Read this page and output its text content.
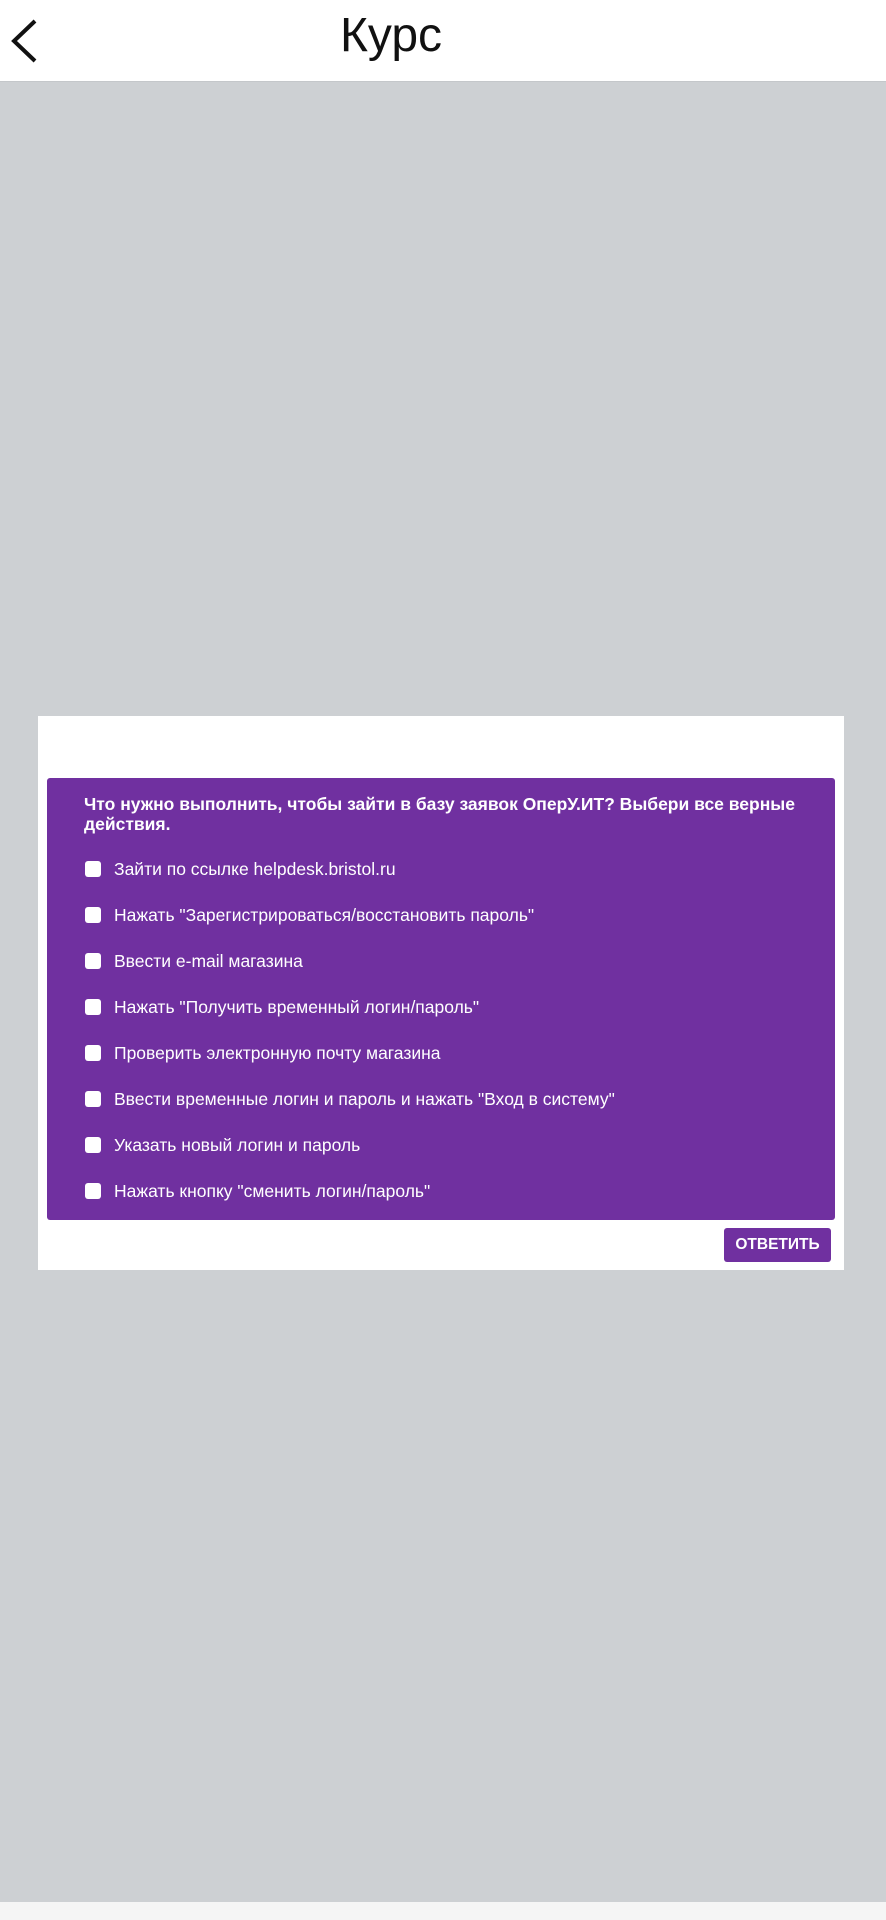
Курс
Что нужно выполнить, чтобы зайти в базу заявок ОперУ.ИТ? Выбери все верные действия.
Зайти по ссылке helpdesk.bristol.ru
Нажать "Зарегистрироваться/восстановить пароль"
Ввести e-mail магазина
Нажать "Получить временный логин/пароль"
Проверить электронную почту магазина
Ввести временные логин и пароль и нажать "Вход в систему"
Указать новый логин и пароль
Нажать кнопку "сменить логин/пароль"
ОТВЕТИТЬ
